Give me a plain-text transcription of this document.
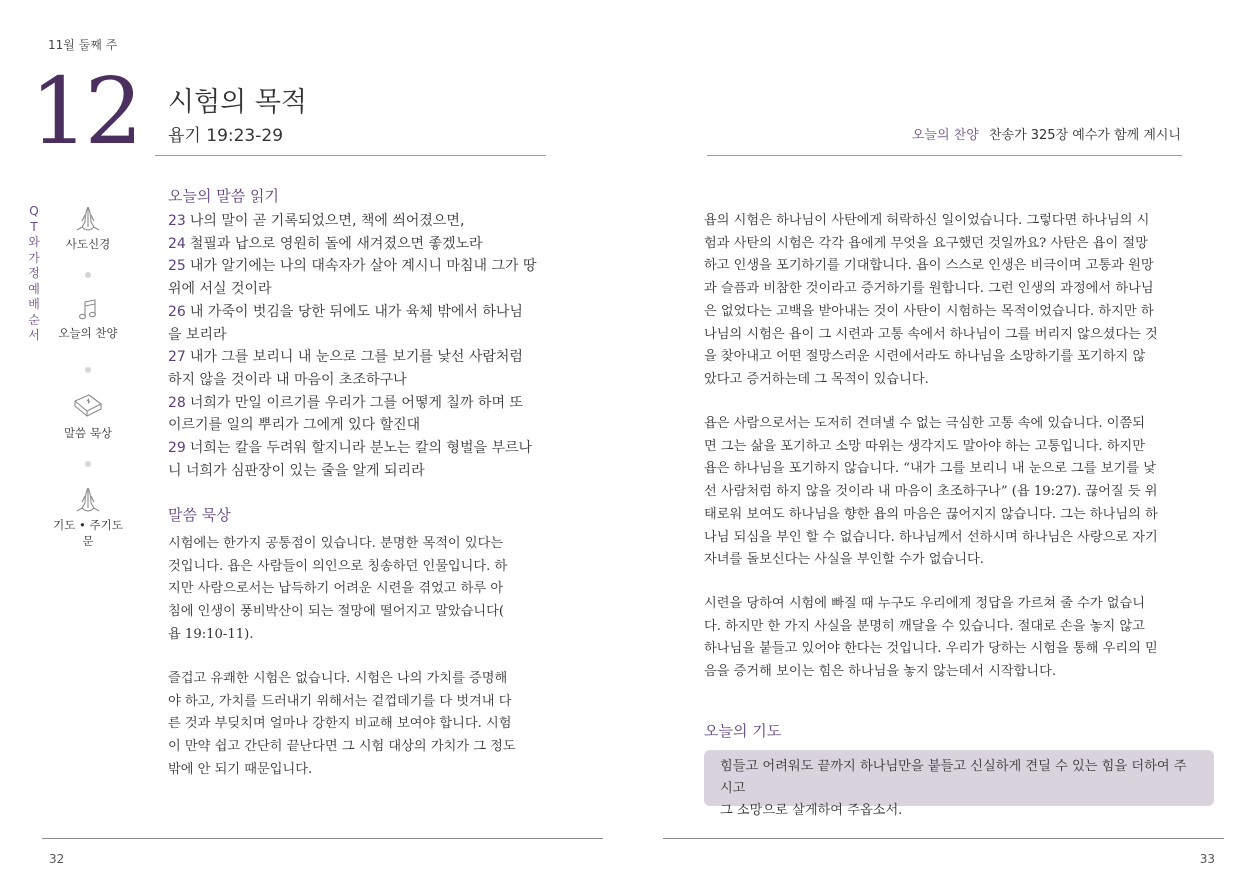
11월 둘째 주
12 시험의 목적
욥기 19:23-29	오늘의 찬양 찬송가 325장 예수가 함께 계시니
QT와 가정예배 순서
사도신경
오늘의 찬양
말씀 묵상
기도 • 주기도문
오늘의 말씀 읽기
23 나의 말이 곧 기록되었으면, 책에 씌어졌으면,
24 철필과 납으로 영원히 돌에 새겨졌으면 좋겠노라
25 내가 알기에는 나의 대속자가 살아 계시니 마침내 그가 땅
위에 서실 것이라
26 내 가죽이 벗김을 당한 뒤에도 내가 육체 밖에서 하나님
을 보리라
27 내가 그를 보리니 내 눈으로 그를 보기를 낯선 사람처럼
하지 않을 것이라 내 마음이 초조하구나
28 너희가 만일 이르기를 우리가 그를 어떻게 칠까 하며 또
이르기를 일의 뿌리가 그에게 있다 할진대
29 너희는 칼을 두려워 할지니라 분노는 칼의 형벌을 부르나
니 너희가 심판장이 있는 줄을 알게 되리라
말씀 묵상

시험에는 한가지 공통점이 있습니다. 분명한 목적이 있다는
것입니다. 욥은 사람들이 의인으로 칭송하던 인물입니다. 하
지만 사람으로서는 납득하기 어려운 시련을 겪었고 하루 아
침에 인생이 풍비박산이 되는 절망에 떨어지고 말았습니다(
욥 19:10-11).

즐겁고 유쾌한 시험은 없습니다. 시험은 나의 가치를 증명해
야 하고, 가치를 드러내기 위해서는 겉껍데기를 다 벗겨내 다
른 것과 부딪치며 얼마나 강한지 비교해 보여야 합니다. 시험
이 만약 쉽고 간단히 끝난다면 그 시험 대상의 가치가 그 정도
밖에 안 되기 때문입니다.

욥의 시험은 하나님이 사탄에게 허락하신 일이었습니다. 그렇다면 하나님의 시
험과 사탄의 시험은 각각 욥에게 무엇을 요구했던 것일까요? 사탄은 욥이 절망
하고 인생을 포기하기를 기대합니다. 욥이 스스로 인생은 비극이며 고통과 원망
과 슬픔과 비참한 것이라고 증거하기를 원합니다. 그런 인생의 과정에서 하나님
은 없었다는 고백을 받아내는 것이 사탄이 시험하는 목적이었습니다. 하지만 하
나님의 시험은 욥이 그 시련과 고통 속에서 하나님이 그를 버리지 않으셨다는 것
을 찾아내고 어떤 절망스러운 시련에서라도 하나님을 소망하기를 포기하지 않
았다고 증거하는데 그 목적이 있습니다.

욥은 사람으로서는 도저히 견뎌낼 수 없는 극심한 고통 속에 있습니다. 이쯤되
면 그는 삶을 포기하고 소망 따위는 생각지도 말아야 하는 고통입니다. 하지만
욥은 하나님을 포기하지 않습니다. “내가 그를 보리니 내 눈으로 그를 보기를 낯
선 사람처럼 하지 않을 것이라 내 마음이 초조하구나” (욥 19:27). 끊어질 듯 위
태로워 보여도 하나님을 향한 욥의 마음은 끊어지지 않습니다. 그는 하나님의 하
나님 되심을 부인 할 수 없습니다. 하나님께서 선하시며 하나님은 사랑으로 자기
자녀를 돌보신다는 사실을 부인할 수가 없습니다.

시련을 당하여 시험에 빠질 때 누구도 우리에게 정답을 가르쳐 줄 수가 없습니
다. 하지만 한 가지 사실을 분명히 깨달을 수 있습니다. 절대로 손을 놓지 않고
하나님을 붙들고 있어야 한다는 것입니다. 우리가 당하는 시험을 통해 우리의 믿
음을 증거해 보이는 힘은 하나님을 놓지 않는데서 시작합니다.

오늘의 기도
힘들고 어려워도 끝까지 하나님만을 붙들고 신실하게 견딜 수 있는 힘을 더하여 주시고
그 소망으로 살게하여 주옵소서.
32	33
